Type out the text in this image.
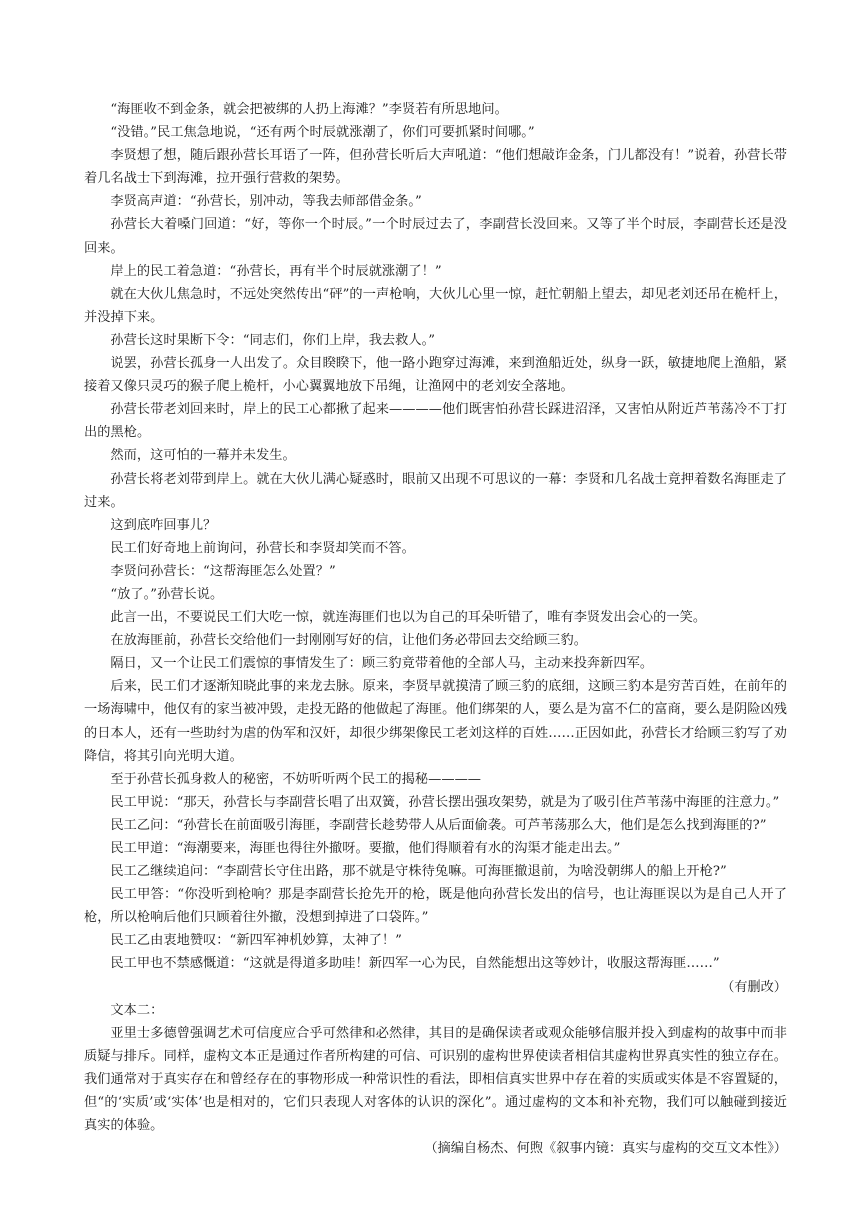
“海匪收不到金条，就会把被绑的人扔上海滩？”李贤若有所思地问。

“没错。”民工焦急地说，“还有两个时辰就涨潮了，你们可要抓紧时间哪。”

李贤想了想，随后跟孙营长耳语了一阵，但孙营长听后大声吼道：“他们想敲诈金条，门儿都没有！”说着，孙营长带着几名战士下到海滩，拉开强行营救的架势。

李贤高声道：“孙营长，别冲动，等我去师部借金条。”

孙营长大着嗓门回道：“好，等你一个时辰。”一个时辰过去了，李副营长没回来。又等了半个时辰，李副营长还是没回来。

岸上的民工着急道：“孙营长，再有半个时辰就涨潮了！”

就在大伙儿焦急时，不远处突然传出“砰”的一声枪响，大伙儿心里一惊，赶忙朝船上望去，却见老刘还吊在桅杆上，并没掉下来。

孙营长这时果断下令：“同志们，你们上岸，我去救人。”

说罢，孙营长孤身一人出发了。众目睽睽下，他一路小跑穿过海滩，来到渔船近处，纵身一跃，敏捷地爬上渔船，紧接着又像只灵巧的猴子爬上桅杆，小心翼翼地放下吊绳，让渔网中的老刘安全落地。

孙营长带老刘回来时，岸上的民工心都揪了起来————他们既害怕孙营长踩进沼泽，又害怕从附近芦苇荡冷不丁打出的黑枪。

然而，这可怕的一幕并未发生。

孙营长将老刘带到岸上。就在大伙儿满心疑惑时，眼前又出现不可思议的一幕：李贤和几名战士竟押着数名海匪走了过来。

这到底咋回事儿？

民工们好奇地上前询问，孙营长和李贤却笑而不答。

李贤问孙营长：“这帮海匪怎么处置？”

“放了。”孙营长说。

此言一出，不要说民工们大吃一惊，就连海匪们也以为自己的耳朵听错了，唯有李贤发出会心的一笑。

在放海匪前，孙营长交给他们一封刚刚写好的信，让他们务必带回去交给顾三豹。

隔日，又一个让民工们震惊的事情发生了：顾三豹竟带着他的全部人马，主动来投奔新四军。

后来，民工们才逐渐知晓此事的来龙去脉。原来，李贤早就摸清了顾三豹的底细，这顾三豹本是穷苦百姓，在前年的一场海啸中，他仅有的家当被冲毁，走投无路的他做起了海匪。他们绑架的人，要么是为富不仁的富商，要么是阴险凶残的日本人，还有一些助纣为虐的伪军和汉奸，却很少绑架像民工老刘这样的百姓……正因如此，孙营长才给顾三豹写了劝降信，将其引向光明大道。

至于孙营长孤身救人的秘密，不妨听听两个民工的揭秘————

民工甲说：“那天，孙营长与李副营长唱了出双簧，孙营长摆出强攻架势，就是为了吸引住芦苇荡中海匪的注意力。”

民工乙问：“孙营长在前面吸引海匪，李副营长趁势带人从后面偷袭。可芦苇荡那么大，他们是怎么找到海匪的?”

民工甲道：“海潮要来，海匪也得往外撤呀。要撤，他们得顺着有水的沟渠才能走出去。”

民工乙继续追问：“李副营长守住出路，那不就是守株待兔嘛。可海匪撤退前，为啥没朝绑人的船上开枪?”

民工甲答：“你没听到枪响？那是李副营长抢先开的枪，既是他向孙营长发出的信号，也让海匪误以为是自己人开了枪，所以枪响后他们只顾着往外撤，没想到掉进了口袋阵。”

民工乙由衷地赞叹：“新四军神机妙算，太神了！”

民工甲也不禁感慨道：“这就是得道多助哇！新四军一心为民，自然能想出这等妙计，收服这帮海匪……”

（有删改）

文本二：

亚里士多德曾强调艺术可信度应合乎可然律和必然律，其目的是确保读者或观众能够信服并投入到虚构的故事中而非质疑与排斥。同样，虚构文本正是通过作者所构建的可信、可识别的虚构世界使读者相信其虚构世界真实性的独立存在。我们通常对于真实存在和曾经存在的事物形成一种常识性的看法，即相信真实世界中存在着的实质或实体是不容置疑的，但“的‘实质’或‘实体’也是相对的，它们只表现人对客体的认识的深化”。通过虚构的文本和补充物，我们可以触碰到接近真实的体验。

（摘编自杨杰、何煦《叙事内镜：真实与虚构的交互文本性》）
